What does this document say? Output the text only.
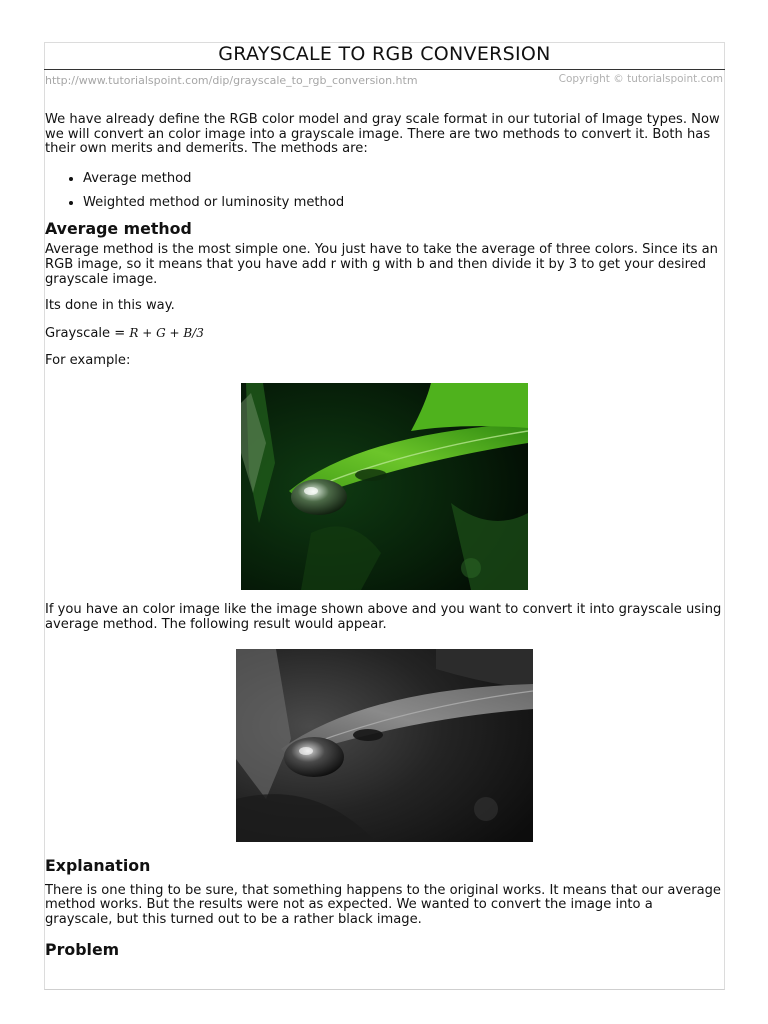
GRAYSCALE TO RGB CONVERSION
http://www.tutorialspoint.com/dip/grayscale_to_rgb_conversion.htm	Copyright © tutorialspoint.com

We have already define the RGB color model and gray scale format in our tutorial of Image types. Now we will convert an color image into a grayscale image. There are two methods to convert it. Both has their own merits and demerits. The methods are:

• Average method
• Weighted method or luminosity method
Average method

Average method is the most simple one. You just have to take the average of three colors. Since its an RGB image, so it means that you have add r with g with b and then divide it by 3 to get your desired grayscale image.

Its done in this way.

Grayscale = R + G + B/3

For example:

If you have an color image like the image shown above and you want to convert it into grayscale using average method. The following result would appear.

Explanation

There is one thing to be sure, that something happens to the original works. It means that our average method works. But the results were not as expected. We wanted to convert the image into a grayscale, but this turned out to be a rather black image.

Problem
